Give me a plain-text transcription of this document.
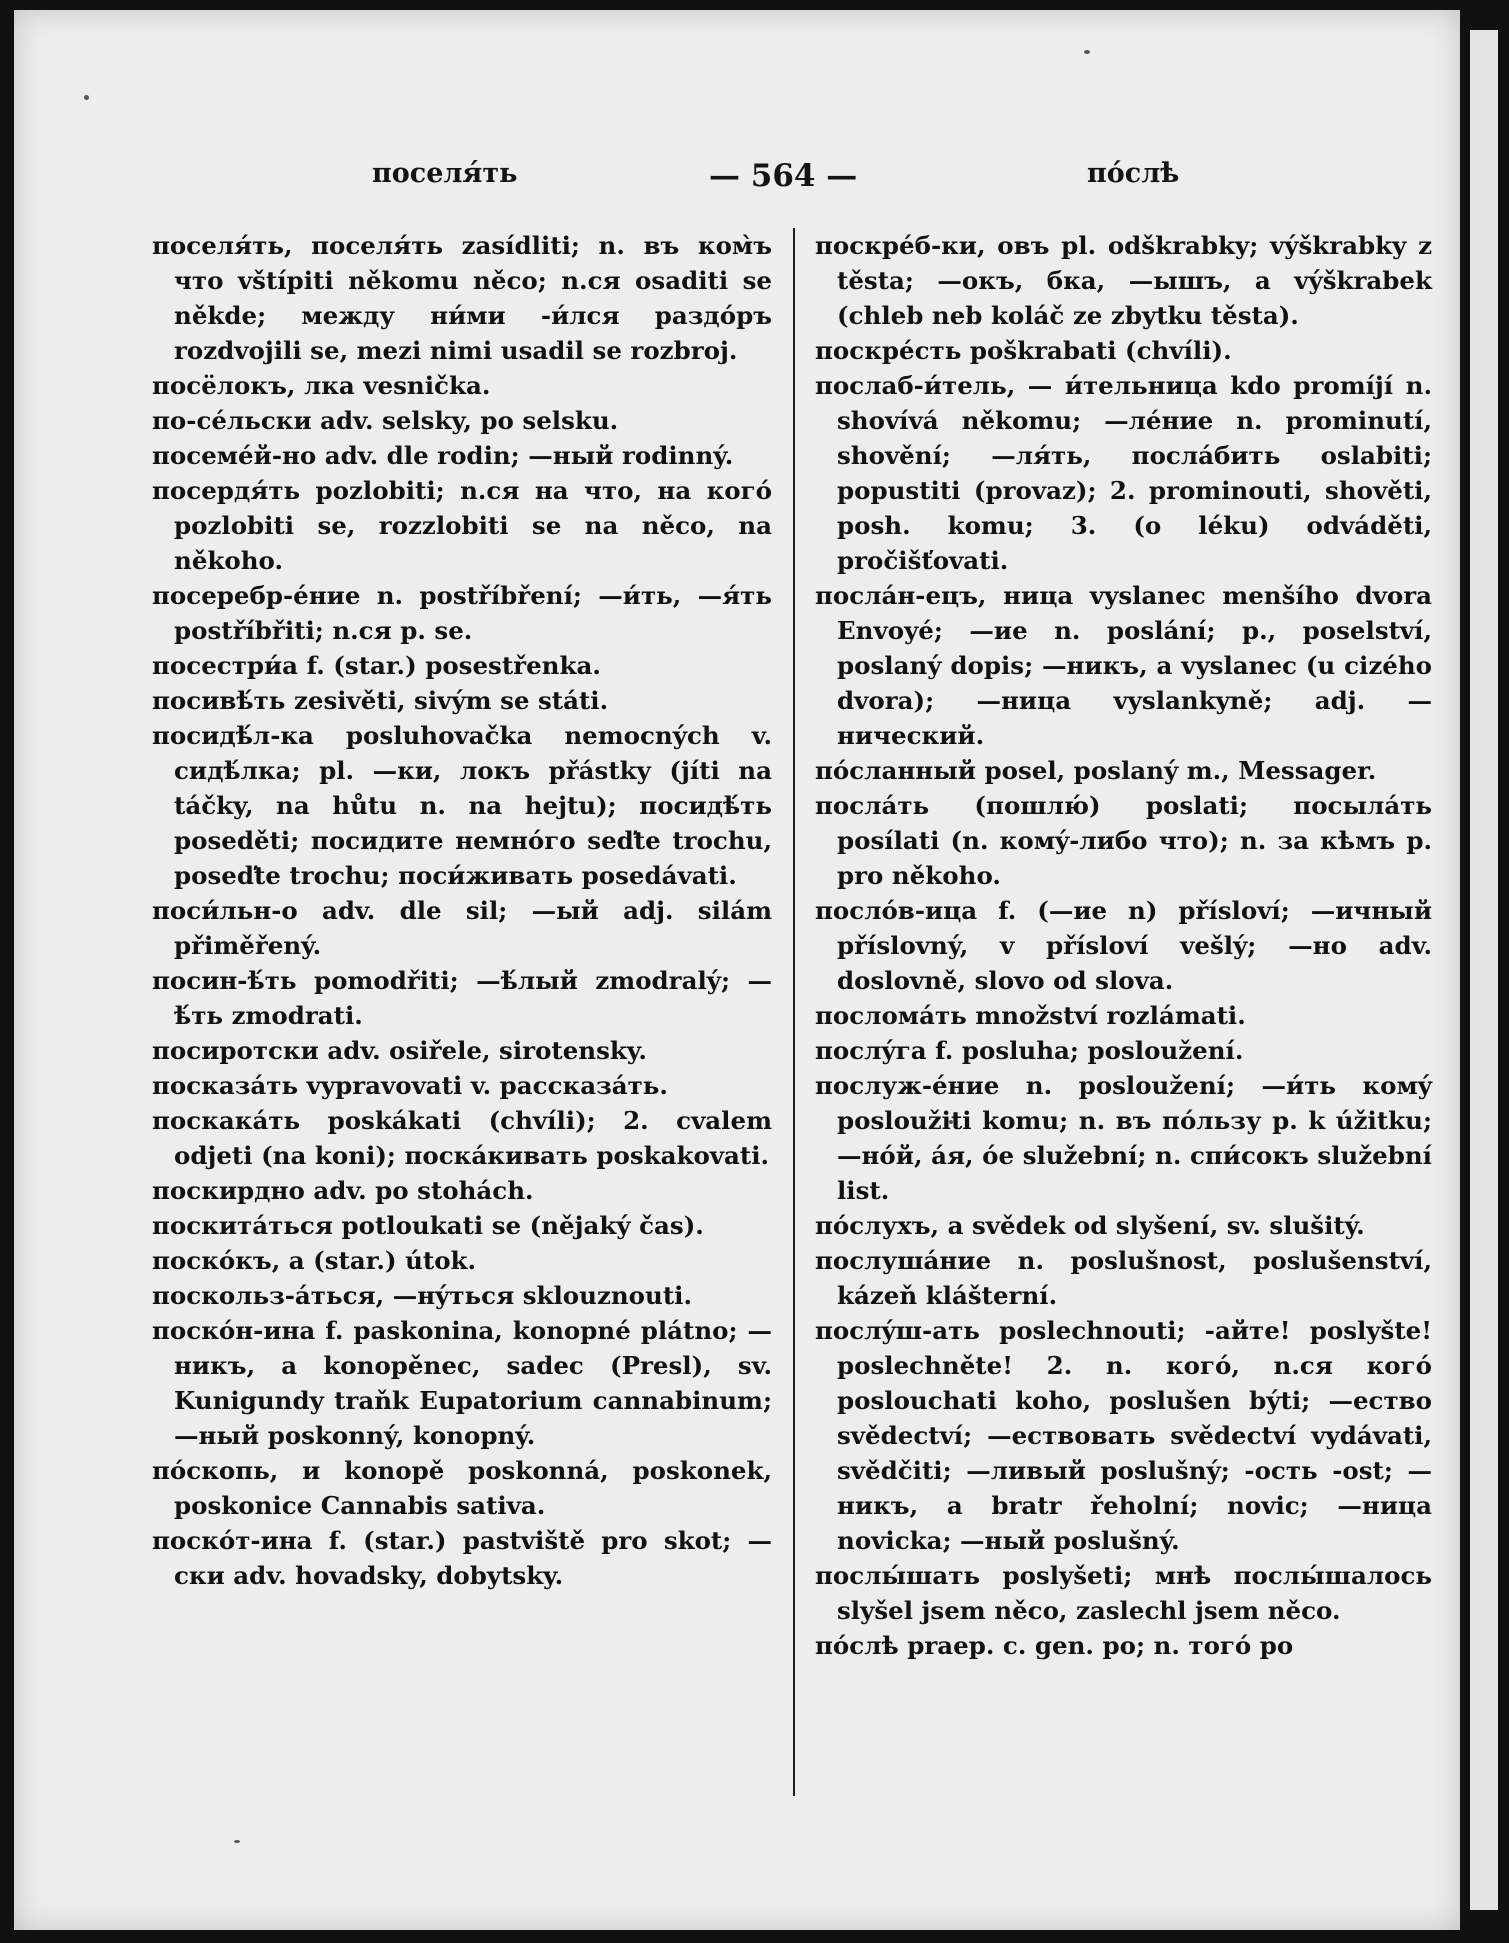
поселя́ть	— 564 —	пóслѣ

поселя́ть, поселя́ть zasídliti; n. въ ком̀ъ что vštípiti někomu něco; n.ся osaditi se někde; между ни́ми -и́лся раздóръ rozdvojili se, mezi nimi usadil se rozbroj.

посёлокъ, лка vesnička.

по-се́льски adv. selsky, po selsku.

посемéй-но adv. dle rodin; —ный rodinný.

посердя́ть pozlobiti; n.ся на что, на когó pozlobiti se, rozzlobiti se na něco, na někoho.

посеребр-éние n. postříbření; —и́ть, —я́ть postříbřiti; n.ся p. se.

посестри́а f. (star.) posestřenka.

посивѣ́ть zesivěti, sivým se státi.

посидѣ́л-ка posluhovačka nemocných v. сидѣ́лка; pl. —ки, локъ přástky (jíti na táčky, na hůtu n. na hejtu); посидѣ́ть poseděti; посидите немнóго seďte trochu, poseďte trochu; поси́живать posedávati.

поси́льн-о adv. dle sil; —ый adj. silám přiměřený.

посин-ѣ́ть pomodřiti; —ѣ́лый zmodralý; —ѣ́ть zmodrati.

посиротски adv. osiřele, sirotensky.

посказáть vypravovati v. расскaзáть.

поскакáть poskákati (chvíli); 2. cvalem odjeti (na koni); поскáкивать poskakovati.

поскирдно adv. po stohách.

поскитáться potloukati se (nějaký čas).

поскóкъ, а (star.) útok.

поскольз-áться, —нýться sklouznouti.

поскóн-ина f. paskonina, konopné plátno; —никъ, а konopěnec, sadec (Presl), sv. Kunigundy traňk Eupatorium cannabinum; —ный poskonný, konopný.

пóскопь, и konopě poskonná, poskonek, poskonice Cannabis sativa.

поскóт-ина f. (star.) pastviště pro skot; —ски adv. hovadsky, dobytsky.

поскрéб-ки, овъ pl. odškrabky; výškrabky z těsta; —окъ, бка, —ышъ, а výškrabek (chleb neb koláč ze zbytku těsta).

поскрéсть poškrabati (chvíli).

послаб-и́тель, — и́тельница kdo promíjí n. shovívá někomu; —лéние n. prominutí, shovění; —ля́ть, послáбить oslabiti; popustiti (provaz); 2. prominouti, shověti, posh. komu; 3. (o léku) odváděti, pročišťovati.

послáн-ецъ, ница vyslanec menšího dvora Envoyé; —ие n. poslání; p., poselství, poslaný dopis; —никъ, а vyslanec (u cizého dvora); —ница vyslankyně; adj. —нический.

пóсланный posel, poslaný m., Messager.

послáть (пошлю́) poslati; посылáть posílati (n. комý-либо что); n. за кѣмъ p. pro někoho.

послóв-ица f. (—ие n) přísloví; —ичный příslovný, v přísloví vešlý; —но adv. doslovně, slovo od slova.

послома́ть množství rozlámati.

послýга f. posluha; posloužení.

послуж-éние n. posloužení; —и́ть комý posloužiti komu; n. въ пóльзу p. k úžitku; —нóй, áя, óе služební; n. спи́сокъ služební list.

пóслухъ, а svědek od slyšení, sv. slušitý.

послушáние n. poslušnost, poslušenství, kázeň klášterní.

послýш-ать poslechnouti; -айте! poslyšte! poslechněte! 2. n. когó, n.ся когó poslouchati koho, poslušen býti; —ество svědectví; —ествовать svědectví vydávati, svědčiti; —ливый poslušný; -ость -ost; —никъ, а bratr řeholní; novic; —ница novicka; —ный poslušný.

послы́шать poslyšeti; мнѣ послы́шалось slyšel jsem něco, zaslechl jsem něco.

пóслѣ praep. c. gen. po; n. тогó po
